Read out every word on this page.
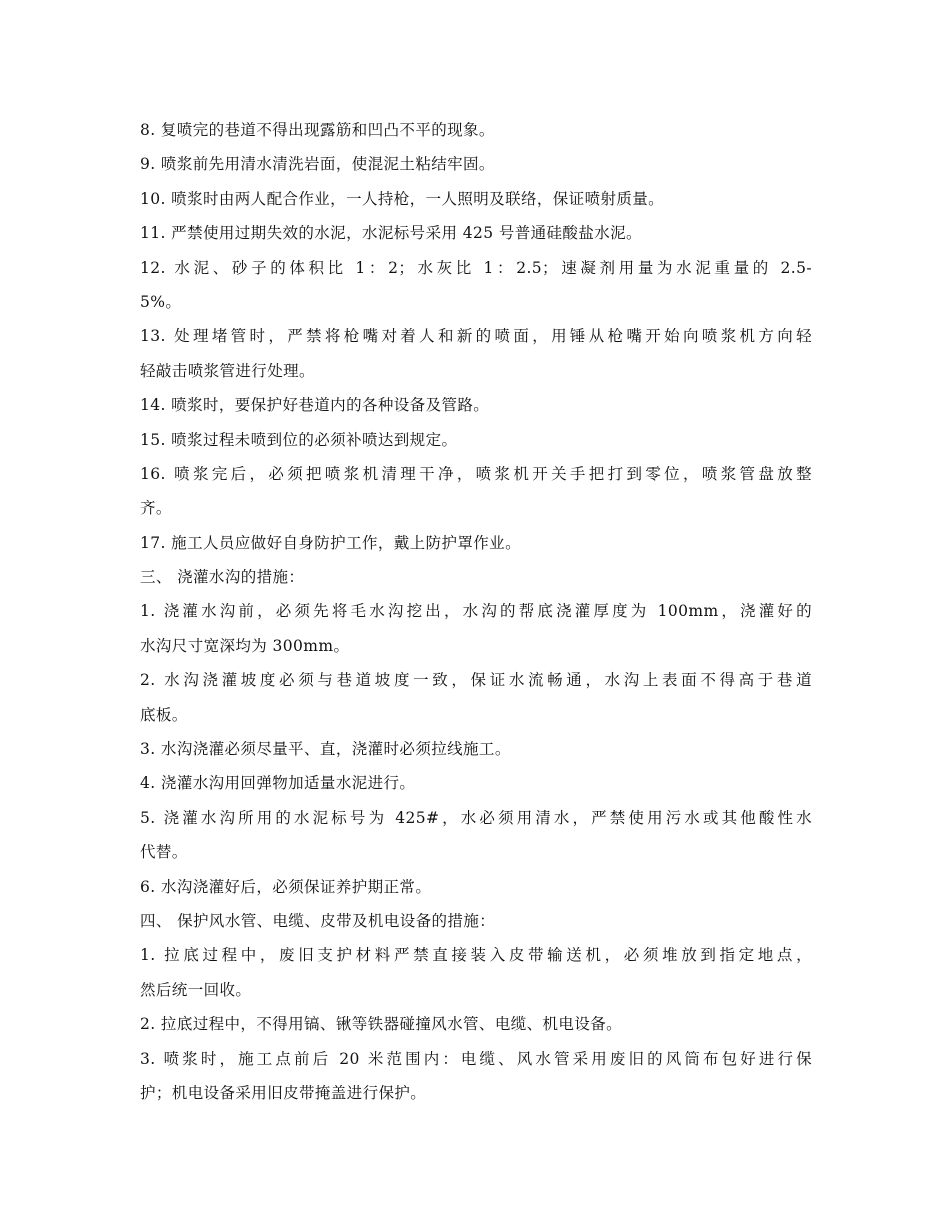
8. 复喷完的巷道不得出现露筋和凹凸不平的现象。
9. 喷浆前先用清水清洗岩面，使混泥土粘结牢固。
10. 喷浆时由两人配合作业，一人持枪，一人照明及联络，保证喷射质量。
11. 严禁使用过期失效的水泥，水泥标号采用 425 号普通硅酸盐水泥。
12. 水泥、砂子的体积比 1：2；水灰比 1：2.5；速凝剂用量为水泥重量的 2.5-
5%。
13. 处理堵管时，严禁将枪嘴对着人和新的喷面，用锤从枪嘴开始向喷浆机方向轻
轻敲击喷浆管进行处理。
14. 喷浆时，要保护好巷道内的各种设备及管路。
15. 喷浆过程未喷到位的必须补喷达到规定。
16. 喷浆完后，必须把喷浆机清理干净，喷浆机开关手把打到零位，喷浆管盘放整
齐。
17. 施工人员应做好自身防护工作，戴上防护罩作业。
三、 浇灌水沟的措施：
1. 浇灌水沟前，必须先将毛水沟挖出，水沟的帮底浇灌厚度为 100mm，浇灌好的
水沟尺寸宽深均为 300mm。
2. 水沟浇灌坡度必须与巷道坡度一致，保证水流畅通，水沟上表面不得高于巷道
底板。
3. 水沟浇灌必须尽量平、直，浇灌时必须拉线施工。
4. 浇灌水沟用回弹物加适量水泥进行。
5. 浇灌水沟所用的水泥标号为 425#，水必须用清水，严禁使用污水或其他酸性水
代替。
6. 水沟浇灌好后，必须保证养护期正常。
四、 保护风水管、电缆、皮带及机电设备的措施：
1. 拉底过程中，废旧支护材料严禁直接装入皮带输送机，必须堆放到指定地点，
然后统一回收。
2. 拉底过程中，不得用镐、锹等铁器碰撞风水管、电缆、机电设备。
3. 喷浆时，施工点前后 20 米范围内：电缆、风水管采用废旧的风筒布包好进行保
护；机电设备采用旧皮带掩盖进行保护。
